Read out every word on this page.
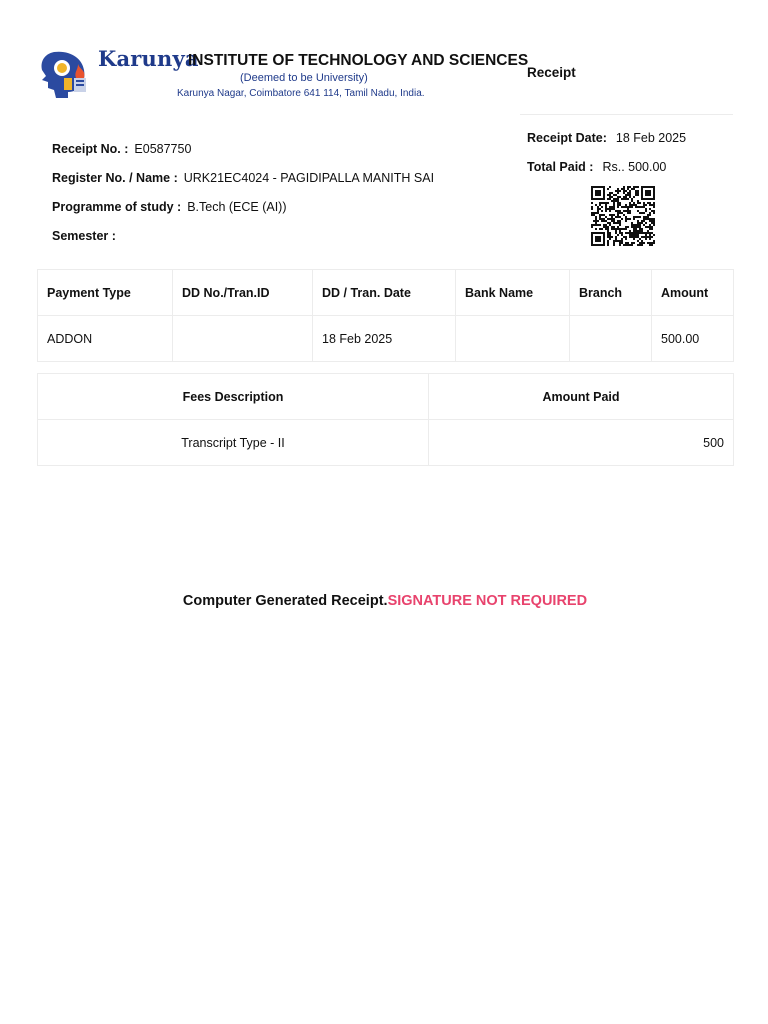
Karunya
INSTITUTE OF TECHNOLOGY AND SCIENCES
(Deemed to be University)
Karunya Nagar, Coimbatore 641 114, Tamil Nadu, India.
Receipt
Receipt No. : E0587750
Register No. / Name : URK21EC4024 - PAGIDIPALLA MANITH SAI
Programme of study : B.Tech (ECE (AI))
Semester :
Receipt Date: 18 Feb 2025
Total Paid : Rs.. 500.00
Payment Type	DD No./Tran.ID	DD / Tran. Date	Bank Name	Branch	Amount
ADDON		18 Feb 2025			500.00
Fees Description	Amount Paid
Transcript Type - II	500
Computer Generated Receipt.SIGNATURE NOT REQUIRED
